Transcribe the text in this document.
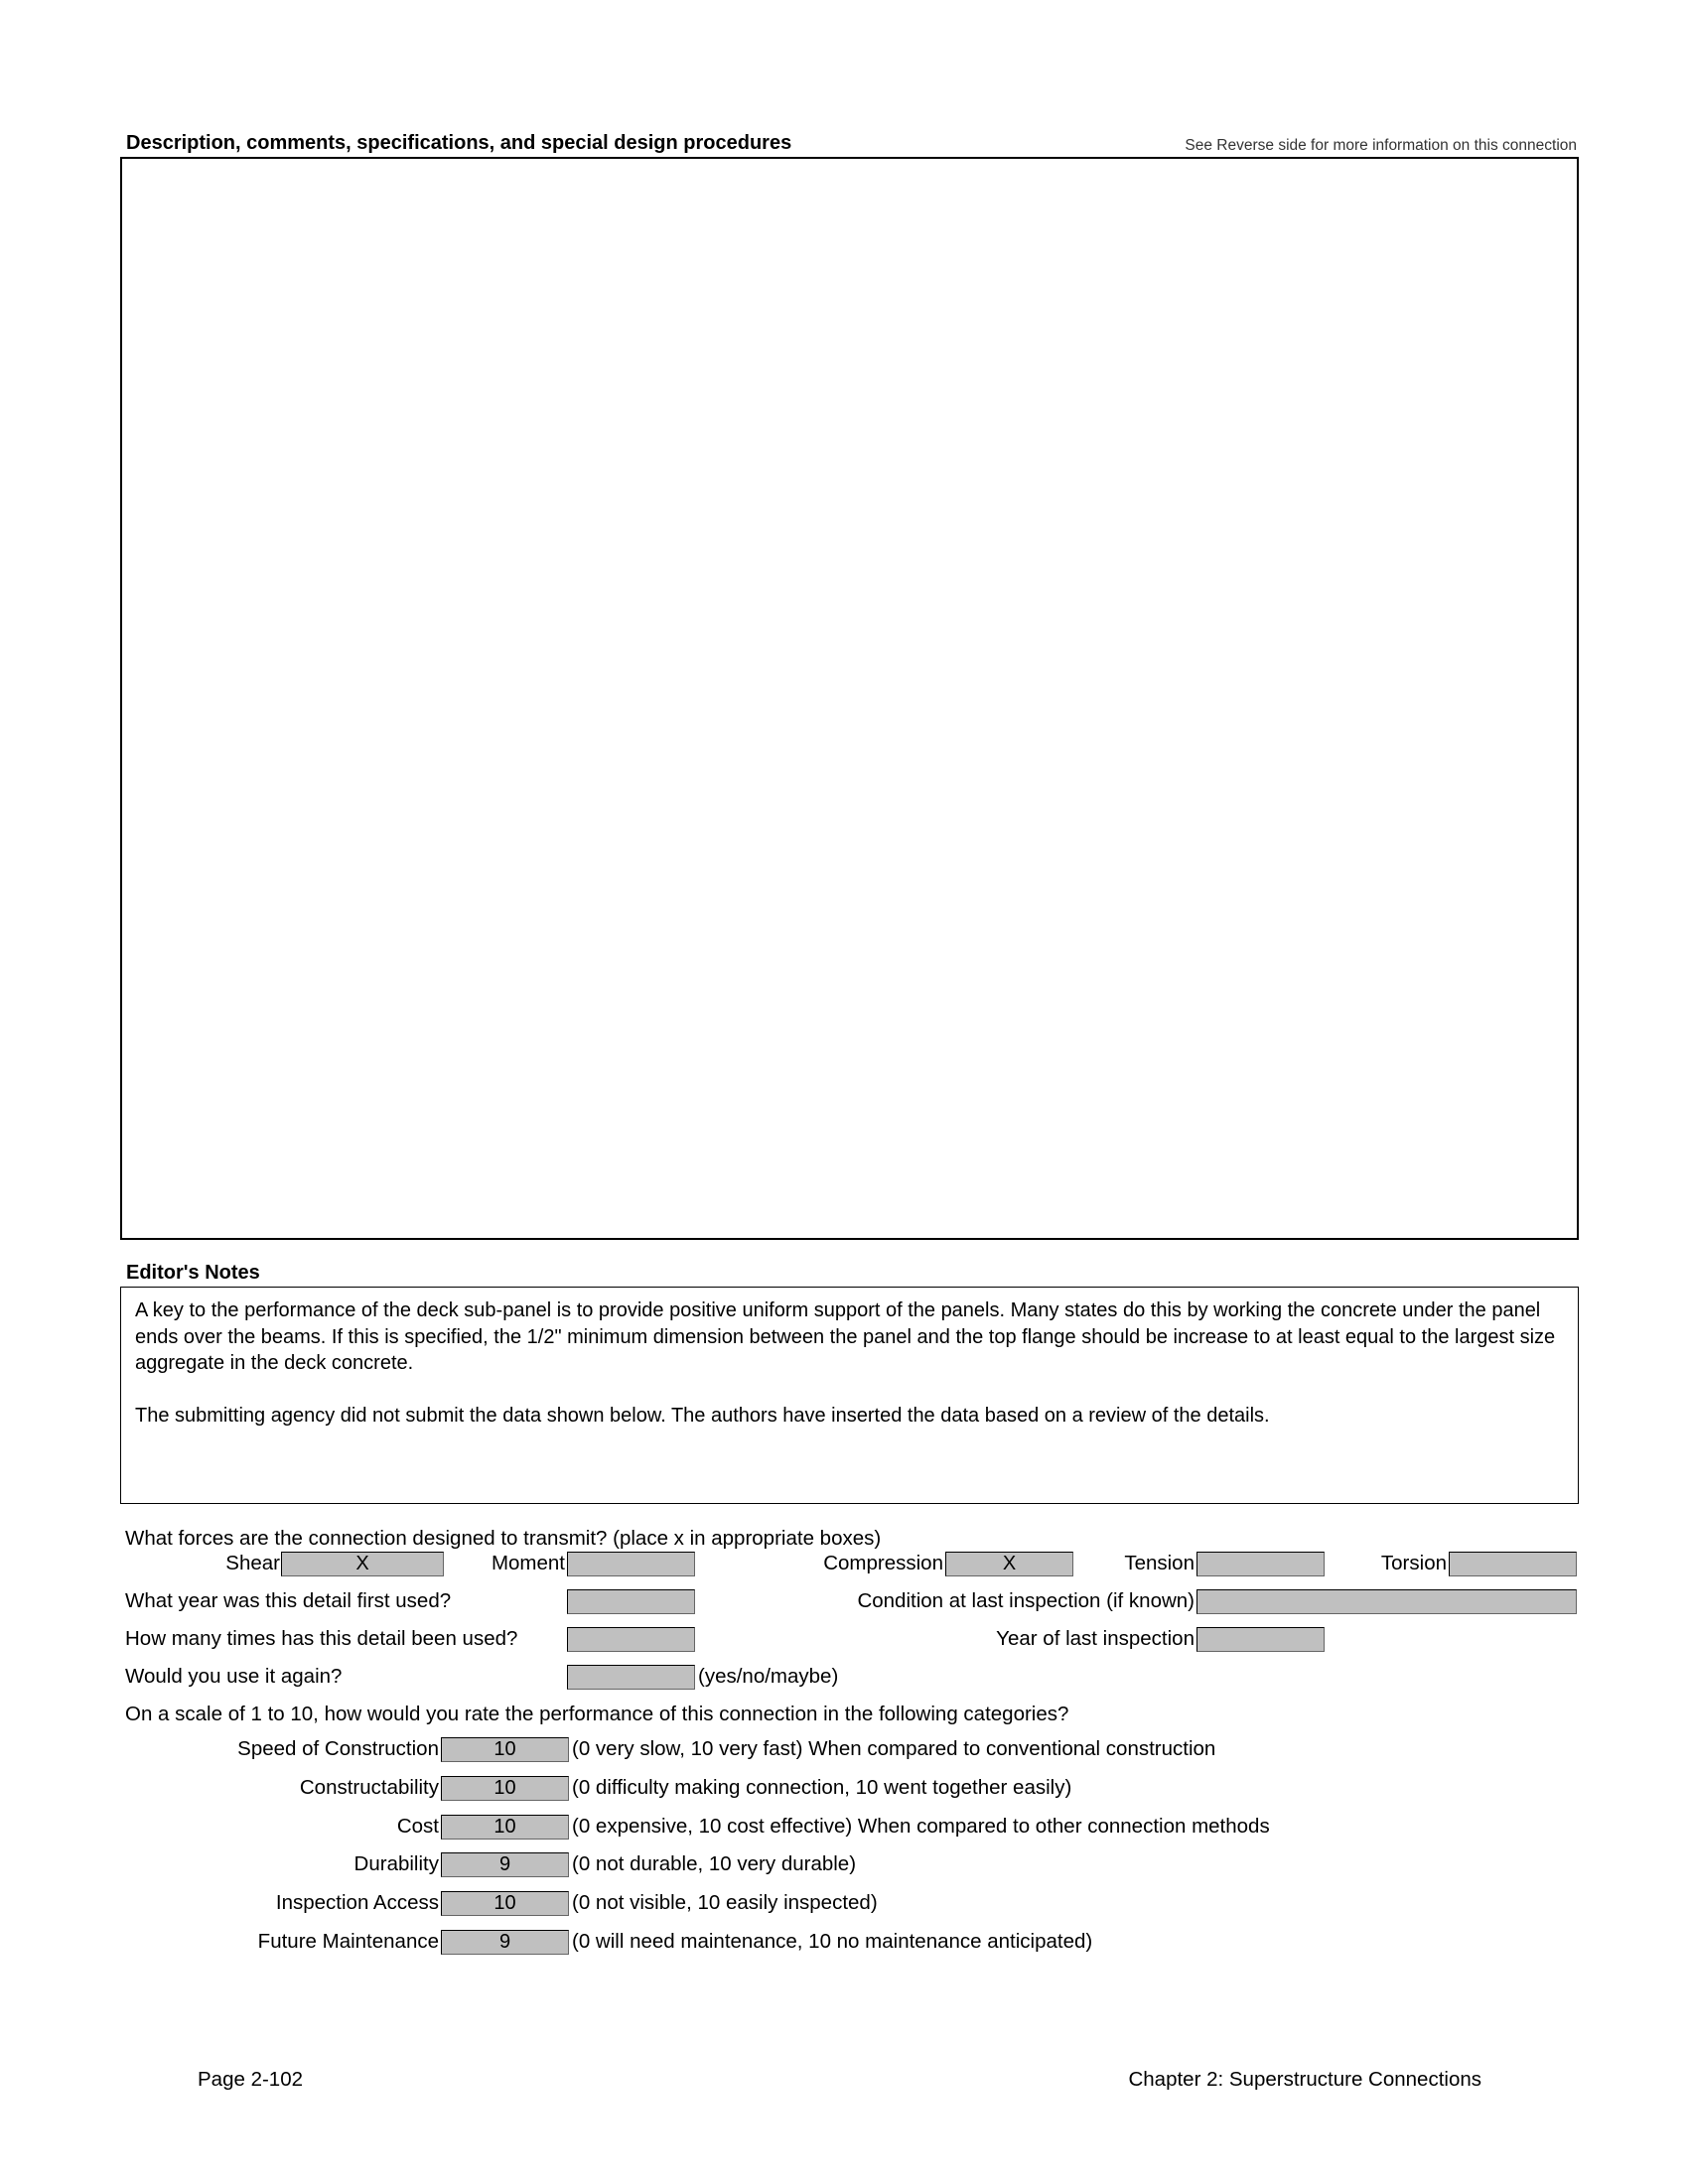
Description, comments, specifications, and special design procedures	See Reverse side for more information on this connection
Editor's Notes

A key to the performance of the deck sub-panel is to provide positive uniform support of the panels. Many states do this by working the concrete under the panel ends over the beams. If this is specified, the 1/2" minimum dimension between the panel and the top flange should be increase to at least equal to the largest size aggregate in the deck concrete.

The submitting agency did not submit the data shown below. The authors have inserted the data based on a review of the details.

What forces are the connection designed to transmit? (place x in appropriate boxes)
Shear	X	Moment	Compression	X	Tension	Torsion
What year was this detail first used?	Condition at last inspection (if known)
How many times has this detail been used?	Year of last inspection
Would you use it again?	(yes/no/maybe)
On a scale of 1 to 10, how would you rate the performance of this connection in the following categories?
Speed of Construction	10	(0 very slow, 10 very fast) When compared to conventional construction
Constructability	10	(0 difficulty making connection, 10 went together easily)
Cost	10	(0 expensive, 10 cost effective) When compared to other connection methods
Durability	9	(0 not durable, 10 very durable)
Inspection Access	10	(0 not visible, 10 easily inspected)
Future Maintenance	9	(0 will need maintenance, 10 no maintenance anticipated)
Page 2-102	Chapter 2: Superstructure Connections
